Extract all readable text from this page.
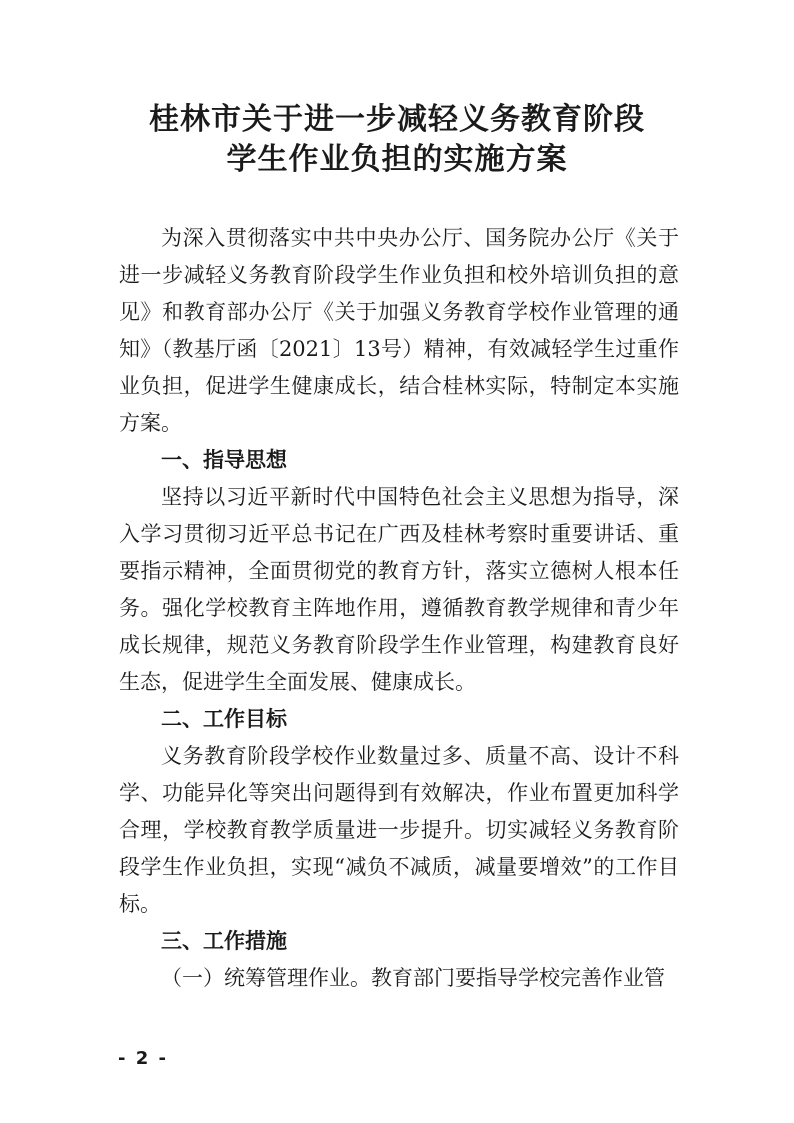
桂林市关于进一步减轻义务教育阶段
学生作业负担的实施方案

为深入贯彻落实中共中央办公厅、国务院办公厅《关于进一步减轻义务教育阶段学生作业负担和校外培训负担的意见》和教育部办公厅《关于加强义务教育学校作业管理的通知》（教基厅函〔2021〕13号）精神，有效减轻学生过重作业负担，促进学生健康成长，结合桂林实际，特制定本实施方案。

一、指导思想

坚持以习近平新时代中国特色社会主义思想为指导，深入学习贯彻习近平总书记在广西及桂林考察时重要讲话、重要指示精神，全面贯彻党的教育方针，落实立德树人根本任务。强化学校教育主阵地作用，遵循教育教学规律和青少年成长规律，规范义务教育阶段学生作业管理，构建教育良好生态，促进学生全面发展、健康成长。

二、工作目标

义务教育阶段学校作业数量过多、质量不高、设计不科学、功能异化等突出问题得到有效解决，作业布置更加科学合理，学校教育教学质量进一步提升。切实减轻义务教育阶段学生作业负担，实现“减负不减质，减量要增效”的工作目标。

三、工作措施

（一）统筹管理作业。教育部门要指导学校完善作业管

- 2 -
